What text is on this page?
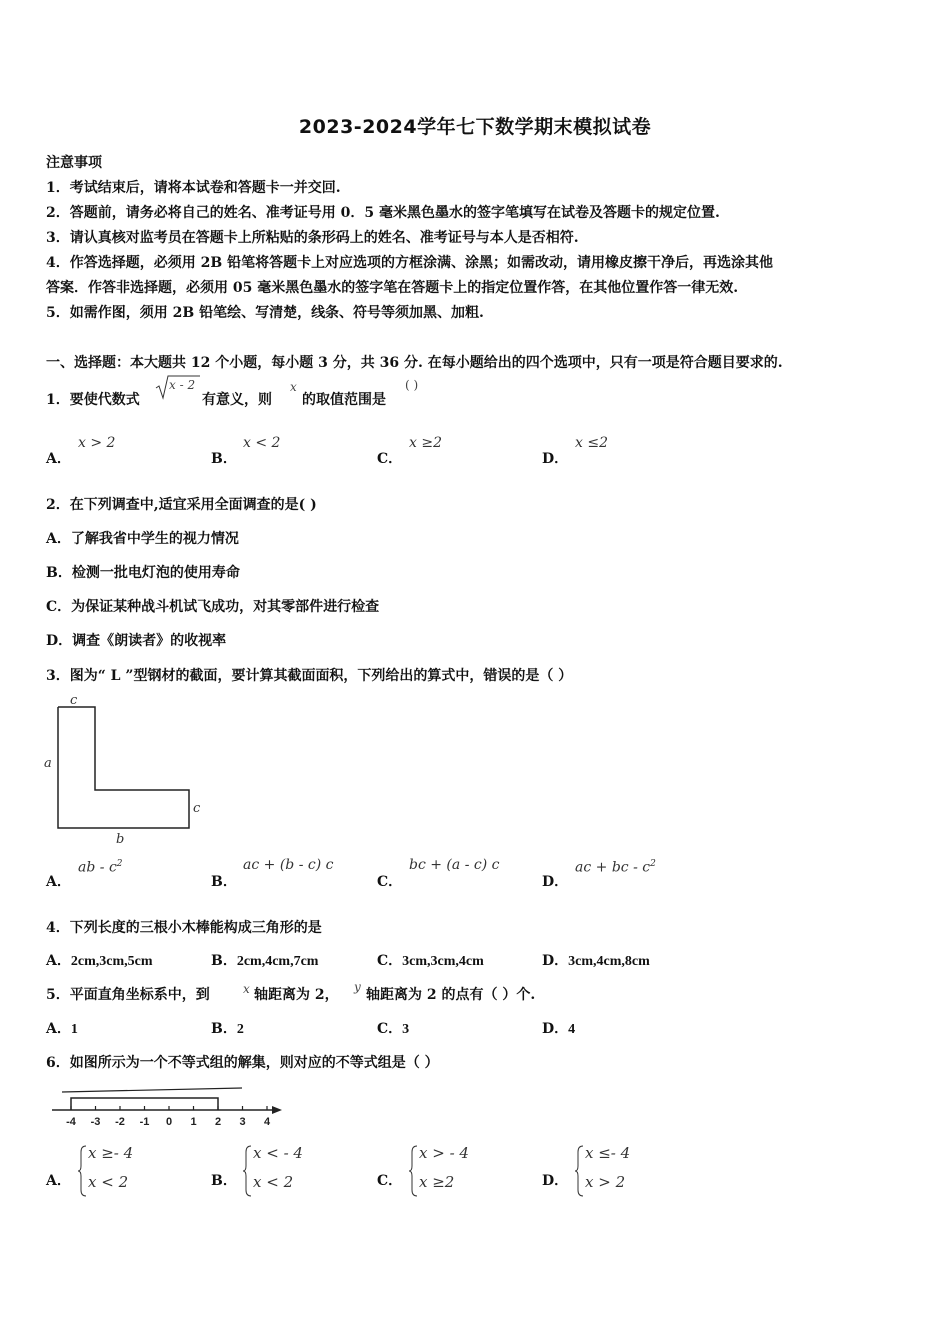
2023-2024学年七下数学期末模拟试卷
注意事项
1．考试结束后，请将本试卷和答题卡一并交回.
2．答题前，请务必将自己的姓名、准考证号用 0．5 毫米黑色墨水的签字笔填写在试卷及答题卡的规定位置.
3．请认真核对监考员在答题卡上所粘贴的条形码上的姓名、准考证号与本人是否相符.
4．作答选择题，必须用 2B 铅笔将答题卡上对应选项的方框涂满、涂黑；如需改动，请用橡皮擦干净后，再选涂其他
答案．作答非选择题，必须用 05 毫米黑色墨水的签字笔在答题卡上的指定位置作答，在其他位置作答一律无效.
5．如需作图，须用 2B 铅笔绘、写清楚，线条、符号等须加黑、加粗.
一、选择题：本大题共 12 个小题，每小题 3 分，共 36 分. 在每小题给出的四个选项中，只有一项是符合题目要求的.
1．要使代数式
x - 2
有意义，则
x
的取值范围是
( )
A．
x > 2
B．
x < 2
C．
x ≥2
D．
x ≤2
2．在下列调查中,适宜采用全面调查的是( )
A．了解我省中学生的视力情况
B．检测一批电灯泡的使用寿命
C．为保证某种战斗机试飞成功，对其零部件进行检查
D．调查《朗读者》的收视率
3．图为“ L ”型钢材的截面，要计算其截面面积，下列给出的算式中，错误的是（ ）
c
a
c
b
A．
ab - $c^2$
B．
ac + (b - c) c
C．
bc + (a - c) c
D．
ac + bc - $c^2$
4．下列长度的三根小木棒能构成三角形的是
A．2cm,3cm,5cm	B．2cm,4cm,7cm	C．3cm,3cm,4cm	D．3cm,4cm,8cm
5．平面直角坐标系中，到	x 轴距离为 2， y 轴距离为 2 的点有（ ）个.
A．1	B．2	C．3	D．4
6．如图所示为一个不等式组的解集，则对应的不等式组是（ ）
-4 -3 -2 -1 0 1 2 3 4
A．
x ≥- 4
x < 2	B．
x < - 4
x < 2	C．
x > - 4
x ≥2	D．
x ≤- 4
x > 2
